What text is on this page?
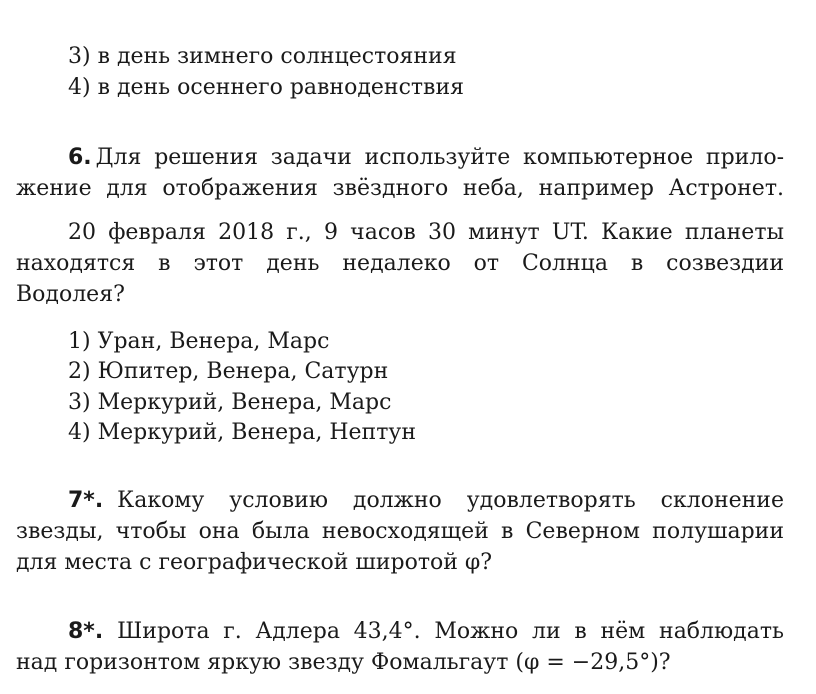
3) в день зимнего солнцестояния
4) в день осеннего равноденствия
6. Для решения задачи используйте компьютерное прило-
жение для отображения звёздного неба, например Астронет.
20 февраля 2018 г., 9 часов 30 минут UT. Какие планеты
находятся в этот день недалеко от Солнца в созвездии
Водолея?
1) Уран, Венера, Марс
2) Юпитер, Венера, Сатурн
3) Меркурий, Венера, Марс
4) Меркурий, Венера, Нептун
7*. Какому условию должно удовлетворять склонение
звезды, чтобы она была невосходящей в Северном полушарии
для места с географической широтой φ?
8*. Широта г. Адлера 43,4°. Можно ли в нём наблюдать
над горизонтом яркую звезду Фомальгаут (φ = −29,5°)?
